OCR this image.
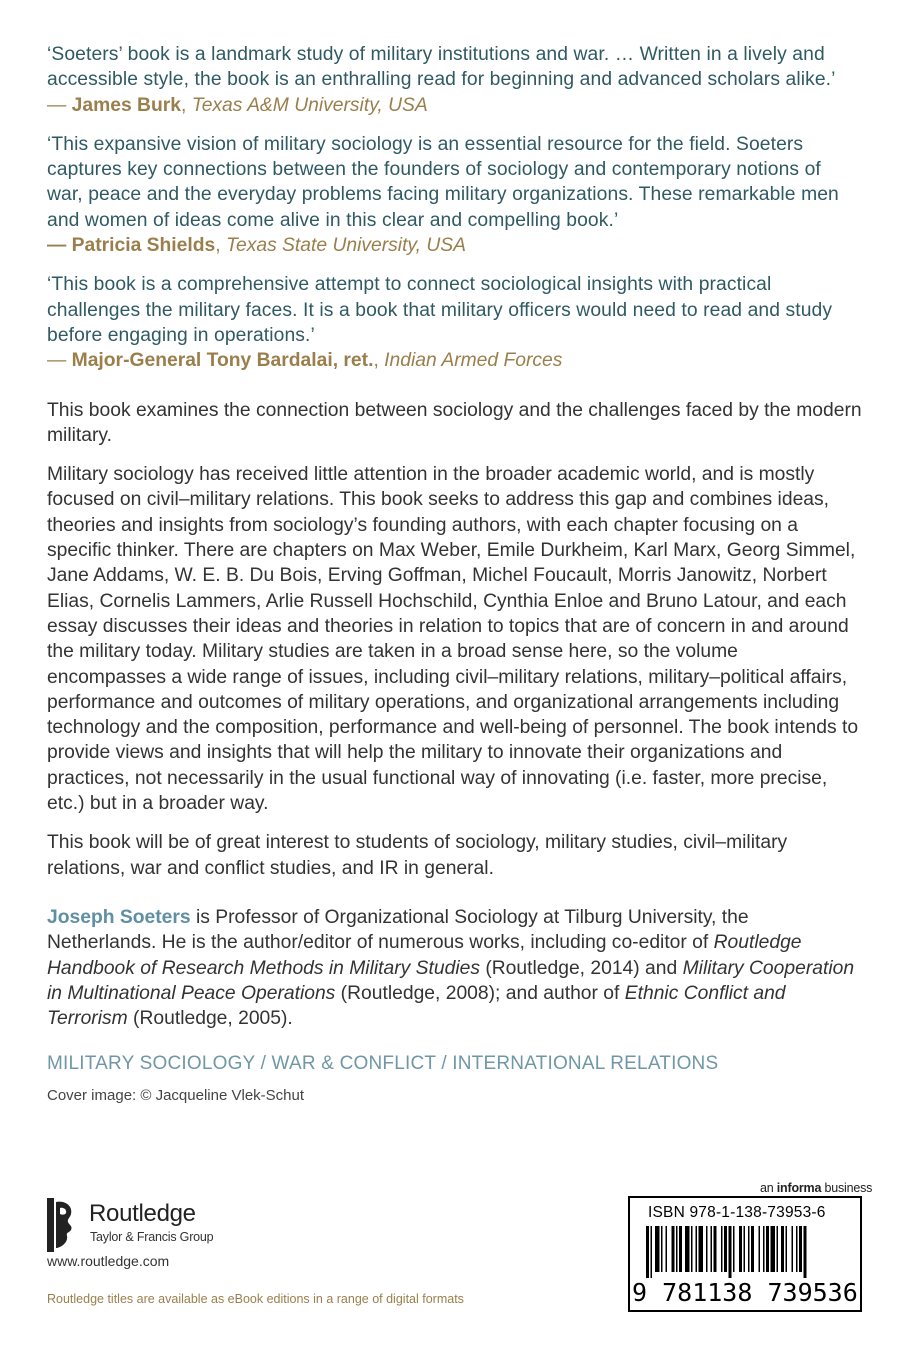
‘Soeters’ book is a landmark study of military institutions and war. … Written in a lively and accessible style, the book is an enthralling read for beginning and advanced scholars alike.’
— James Burk, Texas A&M University, USA
‘This expansive vision of military sociology is an essential resource for the field. Soeters captures key connections between the founders of sociology and contemporary notions of war, peace and the everyday problems facing military organizations. These remarkable men and women of ideas come alive in this clear and compelling book.’
— Patricia Shields, Texas State University, USA
‘This book is a comprehensive attempt to connect sociological insights with practical challenges the military faces. It is a book that military officers would need to read and study before engaging in operations.’
— Major-General Tony Bardalai, ret., Indian Armed Forces

This book examines the connection between sociology and the challenges faced by the modern military.

Military sociology has received little attention in the broader academic world, and is mostly focused on civil–military relations. This book seeks to address this gap and combines ideas, theories and insights from sociology’s founding authors, with each chapter focusing on a specific thinker. There are chapters on Max Weber, Emile Durkheim, Karl Marx, Georg Simmel, Jane Addams, W. E. B. Du Bois, Erving Goffman, Michel Foucault, Morris Janowitz, Norbert Elias, Cornelis Lammers, Arlie Russell Hochschild, Cynthia Enloe and Bruno Latour, and each essay discusses their ideas and theories in relation to topics that are of concern in and around the military today. Military studies are taken in a broad sense here, so the volume encompasses a wide range of issues, including civil–military relations, military–political affairs, performance and outcomes of military operations, and organizational arrangements including technology and the composition, performance and well-being of personnel. The book intends to provide views and insights that will help the military to innovate their organizations and practices, not necessarily in the usual functional way of innovating (i.e. faster, more precise, etc.) but in a broader way.

This book will be of great interest to students of sociology, military studies, civil–military relations, war and conflict studies, and IR in general.

Joseph Soeters is Professor of Organizational Sociology at Tilburg University, the Netherlands. He is the author/editor of numerous works, including co-editor of Routledge Handbook of Research Methods in Military Studies (Routledge, 2014) and Military Cooperation in Multinational Peace Operations (Routledge, 2008); and author of Ethnic Conflict and Terrorism (Routledge, 2005).

MILITARY SOCIOLOGY / WAR & CONFLICT / INTERNATIONAL RELATIONS
Cover image: © Jacqueline Vlek-Schut
Routledge
Taylor & Francis Group
www.routledge.com
Routledge titles are available as eBook editions in a range of digital formats
an informa business
ISBN 978-1-138-73953-6
9 781138 739536
